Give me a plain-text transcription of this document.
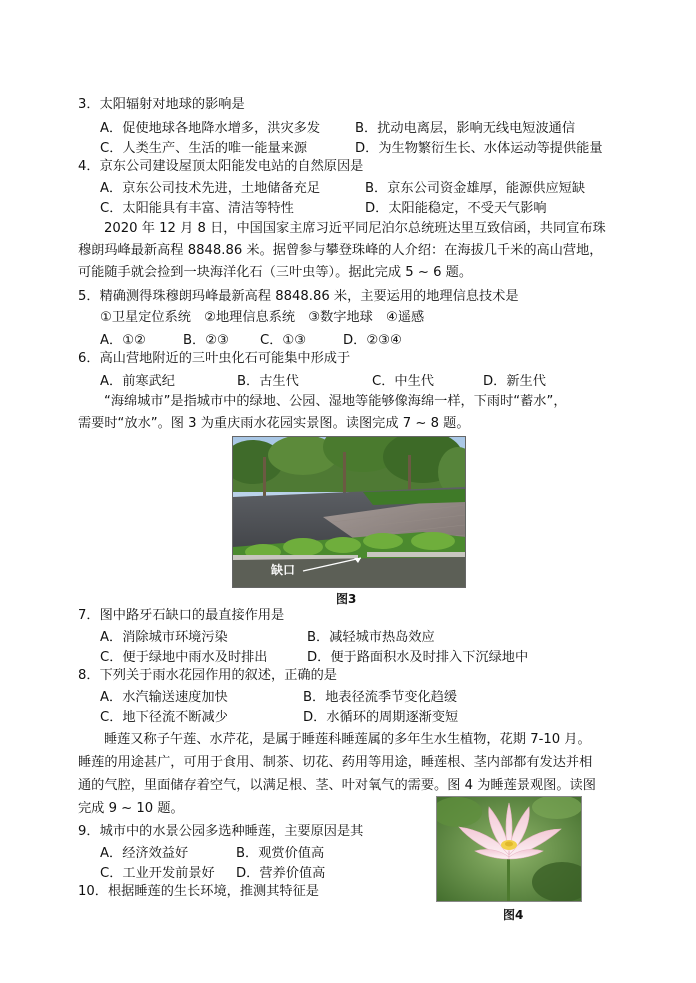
3．太阳辐射对地球的影响是
A．促使地球各地降水增多，洪灾多发	B．扰动电离层，影响无线电短波通信
C．人类生产、生活的唯一能量来源	D．为生物繁衍生长、水体运动等提供能量
4．京东公司建设屋顶太阳能发电站的自然原因是
A．京东公司技术先进，土地储备充足	B．京东公司资金雄厚，能源供应短缺
C．太阳能具有丰富、清洁等特性	D．太阳能稳定，不受天气影响
2020 年 12 月 8 日，中国国家主席习近平同尼泊尔总统班达里互致信函，共同宣布珠
穆朗玛峰最新高程 8848.86 米。据曾参与攀登珠峰的人介绍：在海拔几千米的高山营地，
可能随手就会捡到一块海洋化石（三叶虫等）。据此完成 5 ~ 6 题。
5．精确测得珠穆朗玛峰最新高程 8848.86 米，主要运用的地理信息技术是
①卫星定位系统　②地理信息系统　③数字地球　④遥感
A．①②	B．②③ C．①③	D．②③④
6．高山营地附近的三叶虫化石可能集中形成于
A．前寒武纪	B．古生代	C．中生代	D．新生代
“海绵城市”是指城市中的绿地、公园、湿地等能够像海绵一样，下雨时“蓄水”，
需要时“放水”。图 3 为重庆雨水花园实景图。读图完成 7 ~ 8 题。
缺口
图3
7．图中路牙石缺口的最直接作用是
A．消除城市环境污染	B．减轻城市热岛效应
C．便于绿地中雨水及时排出	D．便于路面积水及时排入下沉绿地中
8．下列关于雨水花园作用的叙述，正确的是
A．水汽输送速度加快	B．地表径流季节变化趋缓
C．地下径流不断减少	D．水循环的周期逐渐变短
睡莲又称子午莲、水芹花，是属于睡莲科睡莲属的多年生水生植物，花期 7-10 月。
睡莲的用途甚广，可用于食用、制茶、切花、药用等用途，睡莲根、茎内部都有发达并相
通的气腔，里面储存着空气，以满足根、茎、叶对氧气的需要。图 4 为睡莲景观图。读图
完成 9 ~ 10 题。
9．城市中的水景公园多选种睡莲，主要原因是其
A．经济效益好	B．观赏价值高
C．工业开发前景好 D．营养价值高
10．根据睡莲的生长环境，推测其特征是
图4
